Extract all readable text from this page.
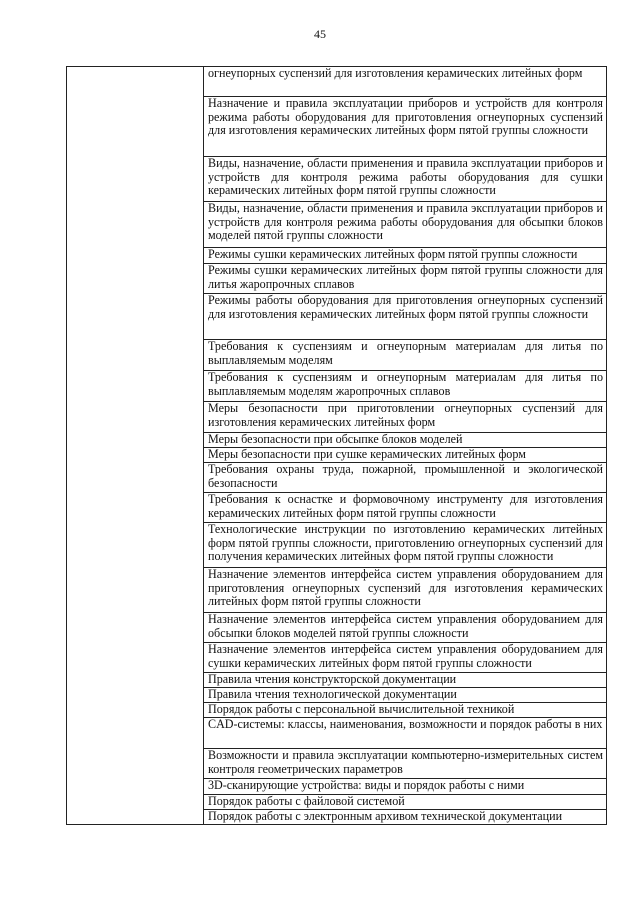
45
	огнеупорных суспензий для изготовления керамических литейных форм
Назначение и правила эксплуатации приборов и устройств для контроля режима работы оборудования для приготовления огнеупорных суспензий для изготовления керамических литейных форм пятой группы сложности
Виды, назначение, области применения и правила эксплуатации приборов и устройств для контроля режима работы оборудования для сушки керамических литейных форм пятой группы сложности
Виды, назначение, области применения и правила эксплуатации приборов и устройств для контроля режима работы оборудования для обсыпки блоков моделей пятой группы сложности
Режимы сушки керамических литейных форм пятой группы сложности
Режимы сушки керамических литейных форм пятой группы сложности для литья жаропрочных сплавов
Режимы работы оборудования для приготовления огнеупорных суспензий для изготовления керамических литейных форм пятой группы сложности
Требования к суспензиям и огнеупорным материалам для литья по выплавляемым моделям
Требования к суспензиям и огнеупорным материалам для литья по выплавляемым моделям жаропрочных сплавов
Меры безопасности при приготовлении огнеупорных суспензий для изготовления керамических литейных форм
Меры безопасности при обсыпке блоков моделей
Меры безопасности при сушке керамических литейных форм
Требования охраны труда, пожарной, промышленной и экологической безопасности
Требования к оснастке и формовочному инструменту для изготовления керамических литейных форм пятой группы сложности
Технологические инструкции по изготовлению керамических литейных форм пятой группы сложности, приготовлению огнеупорных суспензий для получения керамических литейных форм пятой группы сложности
Назначение элементов интерфейса систем управления оборудованием для приготовления огнеупорных суспензий для изготовления керамических литейных форм пятой группы сложности
Назначение элементов интерфейса систем управления оборудованием для обсыпки блоков моделей пятой группы сложности
Назначение элементов интерфейса систем управления оборудованием для сушки керамических литейных форм пятой группы сложности
Правила чтения конструкторской документации
Правила чтения технологической документации
Порядок работы с персональной вычислительной техникой
CAD-системы: классы, наименования, возможности и порядок работы в них
Возможности и правила эксплуатации компьютерно-измерительных систем контроля геометрических параметров
3D-сканирующие устройства: виды и порядок работы с ними
Порядок работы с файловой системой
Порядок работы с электронным архивом технической документации
